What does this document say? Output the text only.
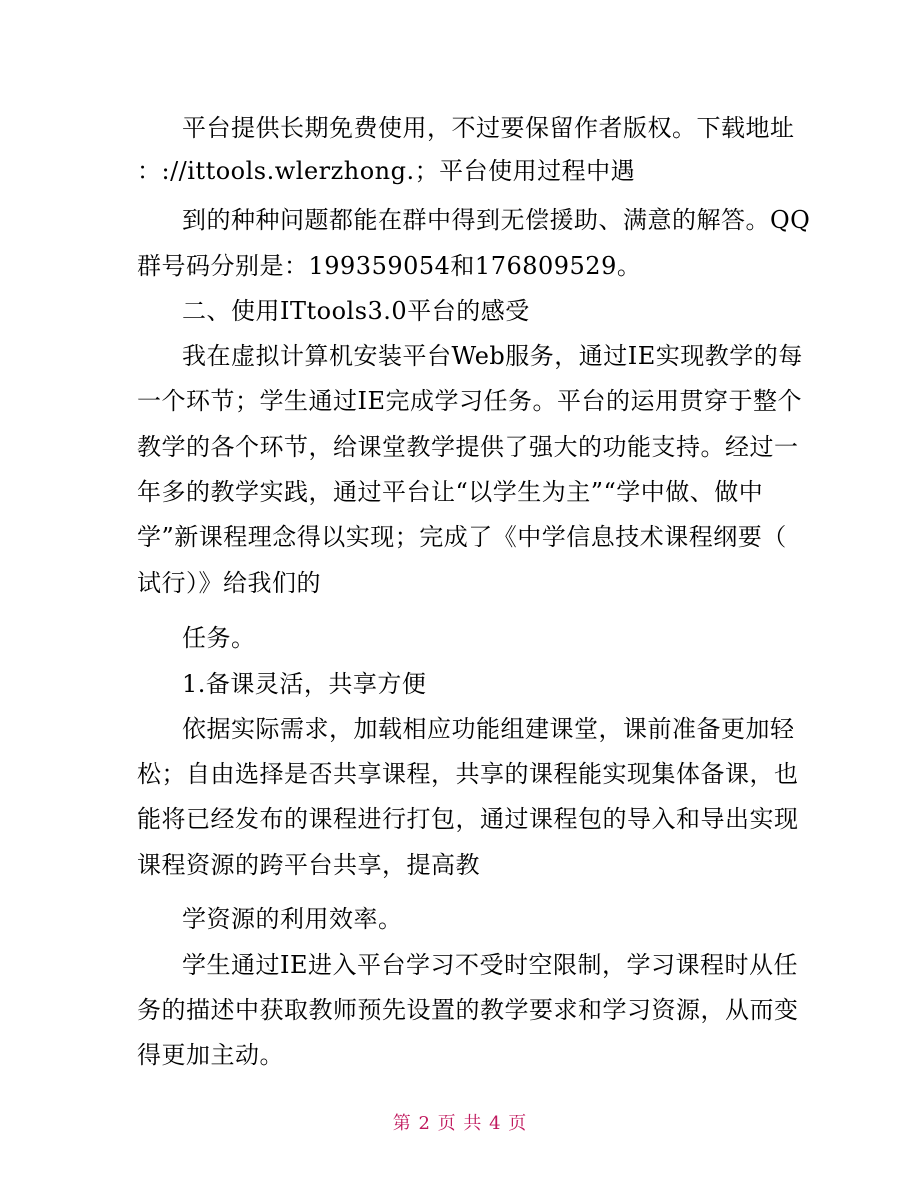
平台提供长期免费使用，不过要保留作者版权。下载地址
：://ittools.wlerzhong.；平台使用过程中遇
到的种种问题都能在群中得到无偿援助、满意的解答。QQ
群号码分别是：199359054和176809529。
二、使用ITtools3.0平台的感受
我在虚拟计算机安装平台Web服务，通过IE实现教学的每
一个环节；学生通过IE完成学习任务。平台的运用贯穿于整个
教学的各个环节，给课堂教学提供了强大的功能支持。经过一
年多的教学实践，通过平台让“以学生为主”“学中做、做中
学”新课程理念得以实现；完成了《中学信息技术课程纲要（
试行）》给我们的
任务。
1.备课灵活，共享方便
依据实际需求，加载相应功能组建课堂，课前准备更加轻
松；自由选择是否共享课程，共享的课程能实现集体备课，也
能将已经发布的课程进行打包，通过课程包的导入和导出实现
课程资源的跨平台共享，提高教
学资源的利用效率。
学生通过IE进入平台学习不受时空限制，学习课程时从任
务的描述中获取教师预先设置的教学要求和学习资源，从而变
得更加主动。
第 2 页 共 4 页
